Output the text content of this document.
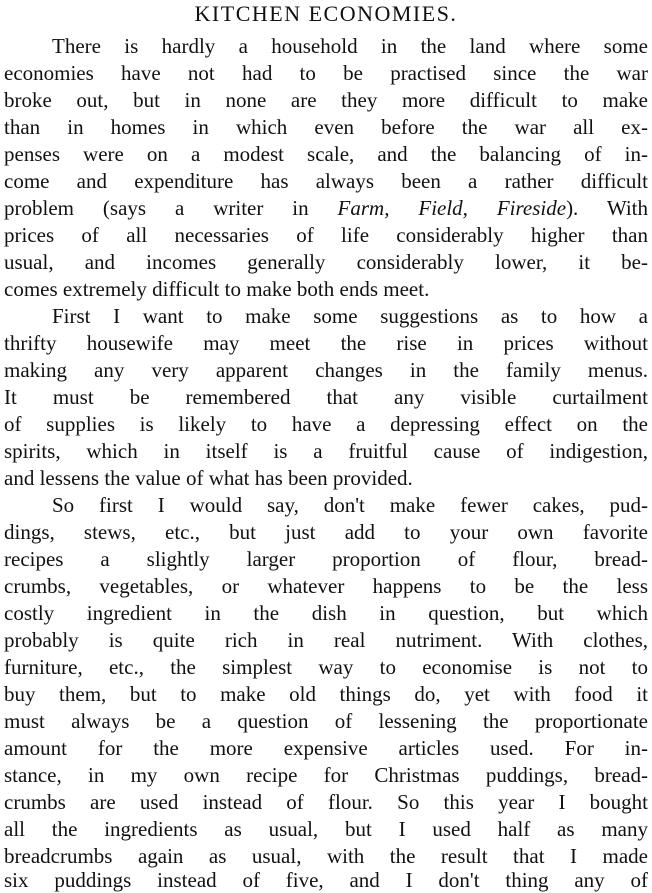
KITCHEN ECONOMIES.
There is hardly a household in the land where some
economies have not had to be practised since the war
broke out, but in none are they more difficult to make
than in homes in which even before the war all ex-
penses were on a modest scale, and the balancing of in-
come and expenditure has always been a rather difficult
problem (says a writer in Farm, Field, Fireside). With
prices of all necessaries of life considerably higher than
usual, and incomes generally considerably lower, it be-
comes extremely difficult to make both ends meet.
First I want to make some suggestions as to how a
thrifty housewife may meet the rise in prices without
making any very apparent changes in the family menus.
It must be remembered that any visible curtailment
of supplies is likely to have a depressing effect on the
spirits, which in itself is a fruitful cause of indigestion,
and lessens the value of what has been provided.
So first I would say, don't make fewer cakes, pud-
dings, stews, etc., but just add to your own favorite
recipes a slightly larger proportion of flour, bread-
crumbs, vegetables, or whatever happens to be the less
costly ingredient in the dish in question, but which
probably is quite rich in real nutriment. With clothes,
furniture, etc., the simplest way to economise is not to
buy them, but to make old things do, yet with food it
must always be a question of lessening the proportionate
amount for the more expensive articles used. For in-
stance, in my own recipe for Christmas puddings, bread-
crumbs are used instead of flour. So this year I bought
all the ingredients as usual, but I used half as many
breadcrumbs again as usual, with the result that I made
six puddings instead of five, and I don't thing any of
